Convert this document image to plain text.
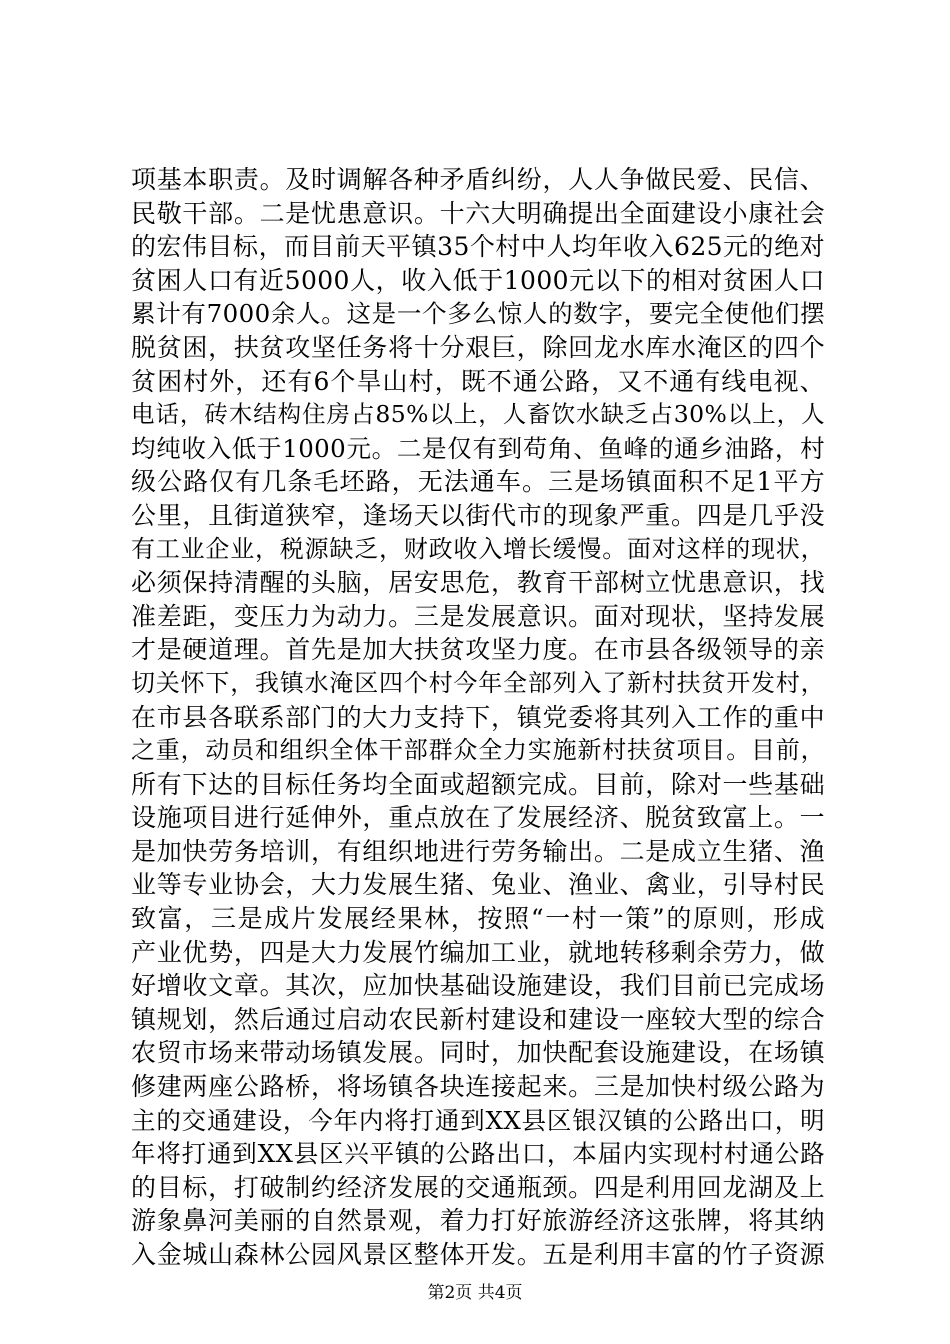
项基本职责。及时调解各种矛盾纠纷，人人争做民爱、民信、
民敬干部。二是忧患意识。十六大明确提出全面建设小康社会
的宏伟目标，而目前天平镇35个村中人均年收入625元的绝对
贫困人口有近5000人，收入低于1000元以下的相对贫困人口
累计有7000余人。这是一个多么惊人的数字，要完全使他们摆
脱贫困，扶贫攻坚任务将十分艰巨，除回龙水库水淹区的四个
贫困村外，还有6个旱山村，既不通公路，又不通有线电视、
电话，砖木结构住房占85%以上，人畜饮水缺乏占30%以上，人
均纯收入低于1000元。二是仅有到苟角、鱼峰的通乡油路，村
级公路仅有几条毛坯路，无法通车。三是场镇面积不足1平方
公里，且街道狭窄，逢场天以街代市的现象严重。四是几乎没
有工业企业，税源缺乏，财政收入增长缓慢。面对这样的现状，
必须保持清醒的头脑，居安思危，教育干部树立忧患意识，找
准差距，变压力为动力。三是发展意识。面对现状，坚持发展
才是硬道理。首先是加大扶贫攻坚力度。在市县各级领导的亲
切关怀下，我镇水淹区四个村今年全部列入了新村扶贫开发村，
在市县各联系部门的大力支持下，镇党委将其列入工作的重中
之重，动员和组织全体干部群众全力实施新村扶贫项目。目前，
所有下达的目标任务均全面或超额完成。目前，除对一些基础
设施项目进行延伸外，重点放在了发展经济、脱贫致富上。一
是加快劳务培训，有组织地进行劳务输出。二是成立生猪、渔
业等专业协会，大力发展生猪、兔业、渔业、禽业，引导村民
致富，三是成片发展经果林，按照“一村一策”的原则，形成
产业优势，四是大力发展竹编加工业，就地转移剩余劳力，做
好增收文章。其次，应加快基础设施建设，我们目前已完成场
镇规划，然后通过启动农民新村建设和建设一座较大型的综合
农贸市场来带动场镇发展。同时，加快配套设施建设，在场镇
修建两座公路桥，将场镇各块连接起来。三是加快村级公路为
主的交通建设，今年内将打通到XX县区银汉镇的公路出口，明
年将打通到XX县区兴平镇的公路出口，本届内实现村村通公路
的目标，打破制约经济发展的交通瓶颈。四是利用回龙湖及上
游象鼻河美丽的自然景观，着力打好旅游经济这张牌，将其纳
入金城山森林公园风景区整体开发。五是利用丰富的竹子资源
第2页 共4页
